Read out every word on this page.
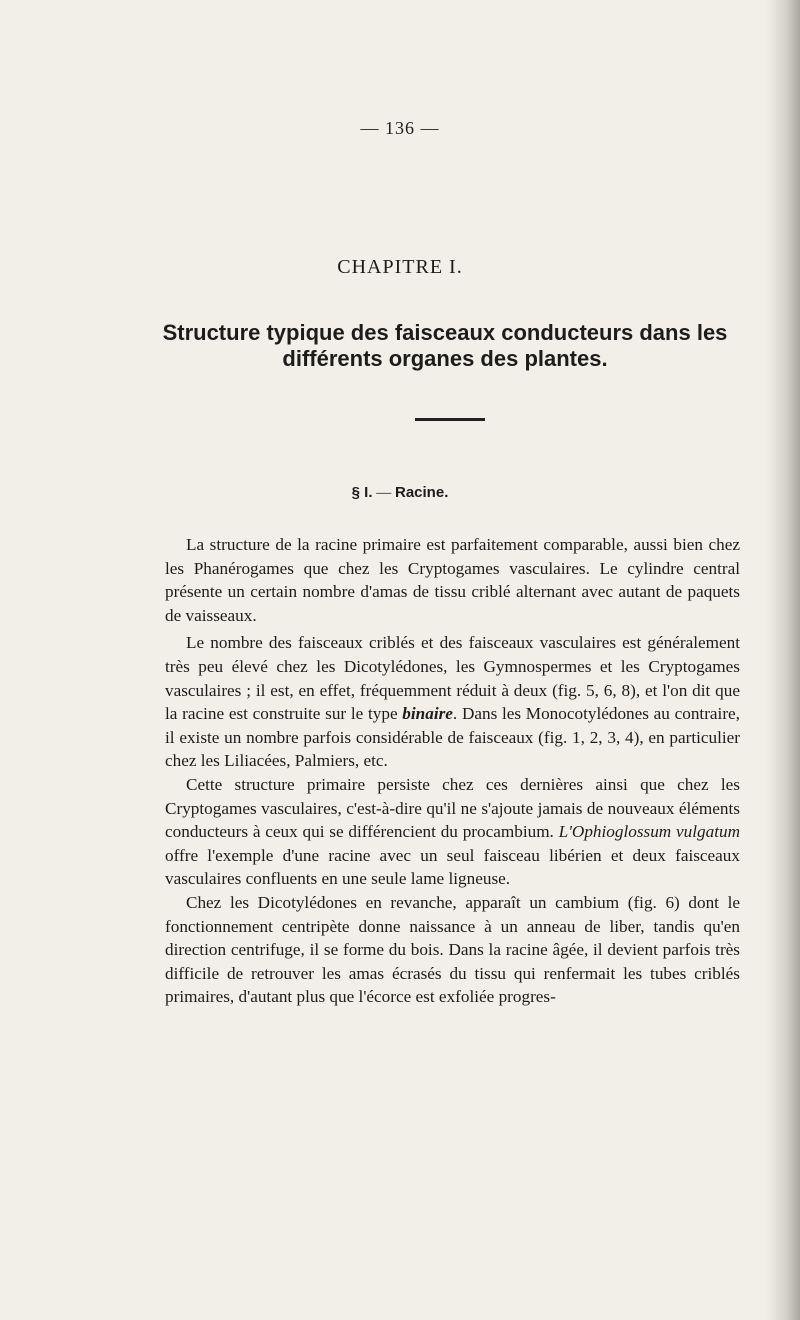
— 136 —
CHAPITRE I.
Structure typique des faisceaux conducteurs dans les différents organes des plantes.
§ I. — Racine.

La structure de la racine primaire est parfaitement comparable, aussi bien chez les Phanérogames que chez les Cryptogames vasculaires. Le cylindre central présente un certain nombre d'amas de tissu criblé alternant avec autant de paquets de vaisseaux.

Le nombre des faisceaux criblés et des faisceaux vasculaires est généralement très peu élevé chez les Dicotylédones, les Gymnospermes et les Cryptogames vasculaires ; il est, en effet, fréquemment réduit à deux (fig. 5, 6, 8), et l'on dit que la racine est construite sur le type binaire. Dans les Monocotylédones au contraire, il existe un nombre parfois considérable de faisceaux (fig. 1, 2, 3, 4), en particulier chez les Liliacées, Palmiers, etc.

Cette structure primaire persiste chez ces dernières ainsi que chez les Cryptogames vasculaires, c'est-à-dire qu'il ne s'ajoute jamais de nouveaux éléments conducteurs à ceux qui se différencient du procambium. L'Ophioglossum vulgatum offre l'exemple d'une racine avec un seul faisceau libérien et deux faisceaux vasculaires confluents en une seule lame ligneuse.

Chez les Dicotylédones en revanche, apparaît un cambium (fig. 6) dont le fonctionnement centripète donne naissance à un anneau de liber, tandis qu'en direction centrifuge, il se forme du bois. Dans la racine âgée, il devient parfois très difficile de retrouver les amas écrasés du tissu qui renfermait les tubes criblés primaires, d'autant plus que l'écorce est exfoliée progres-
